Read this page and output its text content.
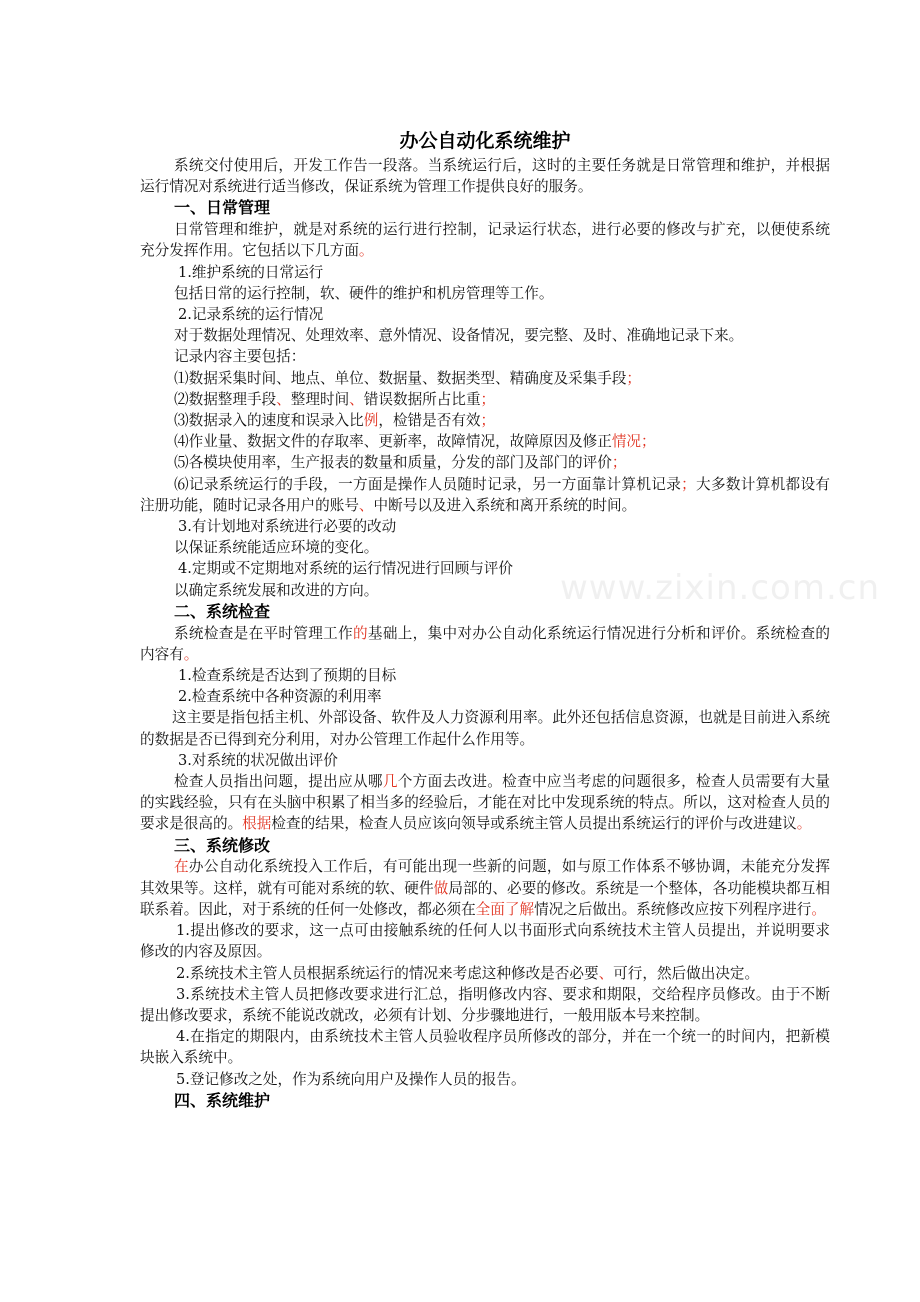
www.zixin.com.cn
办公自动化系统维护

系统交付使用后，开发工作告一段落。当系统运行后，这时的主要任务就是日常管理和维护，并根据运行情况对系统进行适当修改，保证系统为管理工作提供良好的服务。

一、日常管理

日常管理和维护，就是对系统的运行进行控制，记录运行状态，进行必要的修改与扩充，以便使系统充分发挥作用。它包括以下几方面。

1.维护系统的日常运行

包括日常的运行控制，软、硬件的维护和机房管理等工作。

2.记录系统的运行情况

对于数据处理情况、处理效率、意外情况、设备情况，要完整、及时、准确地记录下来。

记录内容主要包括：

⑴数据采集时间、地点、单位、数据量、数据类型、精确度及采集手段；

⑵数据整理手段、整理时间、错误数据所占比重；

⑶数据录入的速度和误录入比例，检错是否有效；

⑷作业量、数据文件的存取率、更新率，故障情况，故障原因及修正情况；

⑸各模块使用率，生产报表的数量和质量，分发的部门及部门的评价；

⑹记录系统运行的手段，一方面是操作人员随时记录，另一方面靠计算机记录；大多数计算机都设有注册功能，随时记录各用户的账号、中断号以及进入系统和离开系统的时间。

3.有计划地对系统进行必要的改动

以保证系统能适应环境的变化。

4.定期或不定期地对系统的运行情况进行回顾与评价

以确定系统发展和改进的方向。

二、系统检查

系统检查是在平时管理工作的基础上，集中对办公自动化系统运行情况进行分析和评价。系统检查的内容有。

1.检查系统是否达到了预期的目标

2.检查系统中各种资源的利用率

这主要是指包括主机、外部设备、软件及人力资源利用率。此外还包括信息资源，也就是目前进入系统的数据是否已得到充分利用，对办公管理工作起什么作用等。

3.对系统的状况做出评价

检查人员指出问题，提出应从哪几个方面去改进。检查中应当考虑的问题很多，检查人员需要有大量的实践经验，只有在头脑中积累了相当多的经验后，才能在对比中发现系统的特点。所以，这对检查人员的要求是很高的。根据检查的结果，检查人员应该向领导或系统主管人员提出系统运行的评价与改进建议。

三、系统修改

在办公自动化系统投入工作后，有可能出现一些新的问题，如与原工作体系不够协调，未能充分发挥其效果等。这样，就有可能对系统的软、硬件做局部的、必要的修改。系统是一个整体，各功能模块都互相联系着。因此，对于系统的任何一处修改，都必须在全面了解情况之后做出。系统修改应按下列程序进行。

1.提出修改的要求，这一点可由接触系统的任何人以书面形式向系统技术主管人员提出，并说明要求修改的内容及原因。

2.系统技术主管人员根据系统运行的情况来考虑这种修改是否必要、可行，然后做出决定。

3.系统技术主管人员把修改要求进行汇总，指明修改内容、要求和期限，交给程序员修改。由于不断提出修改要求，系统不能说改就改，必须有计划、分步骤地进行，一般用版本号来控制。

4.在指定的期限内，由系统技术主管人员验收程序员所修改的部分，并在一个统一的时间内，把新模块嵌入系统中。

5.登记修改之处，作为系统向用户及操作人员的报告。

四、系统维护
